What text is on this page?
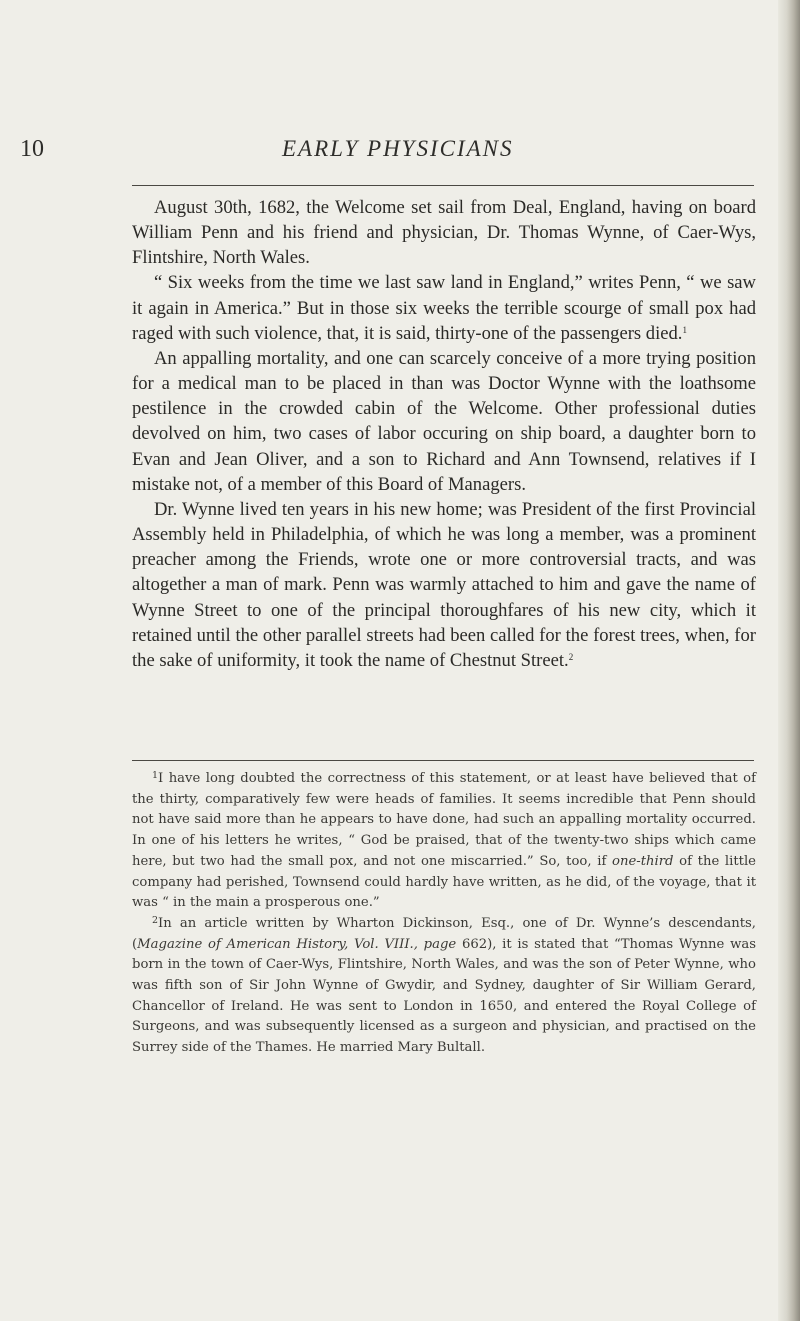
10	EARLY PHYSICIANS

August 30th, 1682, the Welcome set sail from Deal, England, having on board William Penn and his friend and physician, Dr. Thomas Wynne, of Caer-Wys, Flintshire, North Wales.

“ Six weeks from the time we last saw land in England,” writes Penn, “ we saw it again in America.” But in those six weeks the terrible scourge of small pox had raged with such violence, that, it is said, thirty-one of the passengers died.$^1$

An appalling mortality, and one can scarcely conceive of a more trying position for a medical man to be placed in than was Doctor Wynne with the loathsome pestilence in the crowded cabin of the Welcome. Other professional duties devolved on him, two cases of labor occuring on ship board, a daughter born to Evan and Jean Oliver, and a son to Richard and Ann Townsend, relatives if I mistake not, of a member of this Board of Managers.

Dr. Wynne lived ten years in his new home; was President of the first Provincial Assembly held in Philadelphia, of which he was long a member, was a prominent preacher among the Friends, wrote one or more controversial tracts, and was altogether a man of mark. Penn was warmly attached to him and gave the name of Wynne Street to one of the principal thoroughfares of his new city, which it retained until the other parallel streets had been called for the forest trees, when, for the sake of uniformity, it took the name of Chestnut Street.$^2$

$^1$I have long doubted the correctness of this statement, or at least have believed that of the thirty, comparatively few were heads of families. It seems incredible that Penn should not have said more than he appears to have done, had such an appalling mortality occurred. In one of his letters he writes, “ God be praised, that of the twenty-two ships which came here, but two had the small pox, and not one miscarried.” So, too, if one-third of the little company had perished, Townsend could hardly have written, as he did, of the voyage, that it was “ in the main a prosperous one.”

$^2$In an article written by Wharton Dickinson, Esq., one of Dr. Wynne’s descendants, (Magazine of American History, Vol. VIII., page 662), it is stated that “Thomas Wynne was born in the town of Caer-Wys, Flintshire, North Wales, and was the son of Peter Wynne, who was fifth son of Sir John Wynne of Gwydir, and Sydney, daughter of Sir William Gerard, Chancellor of Ireland. He was sent to London in 1650, and entered the Royal College of Surgeons, and was subsequently licensed as a surgeon and physician, and practised on the Surrey side of the Thames. He married Mary Bultall.
